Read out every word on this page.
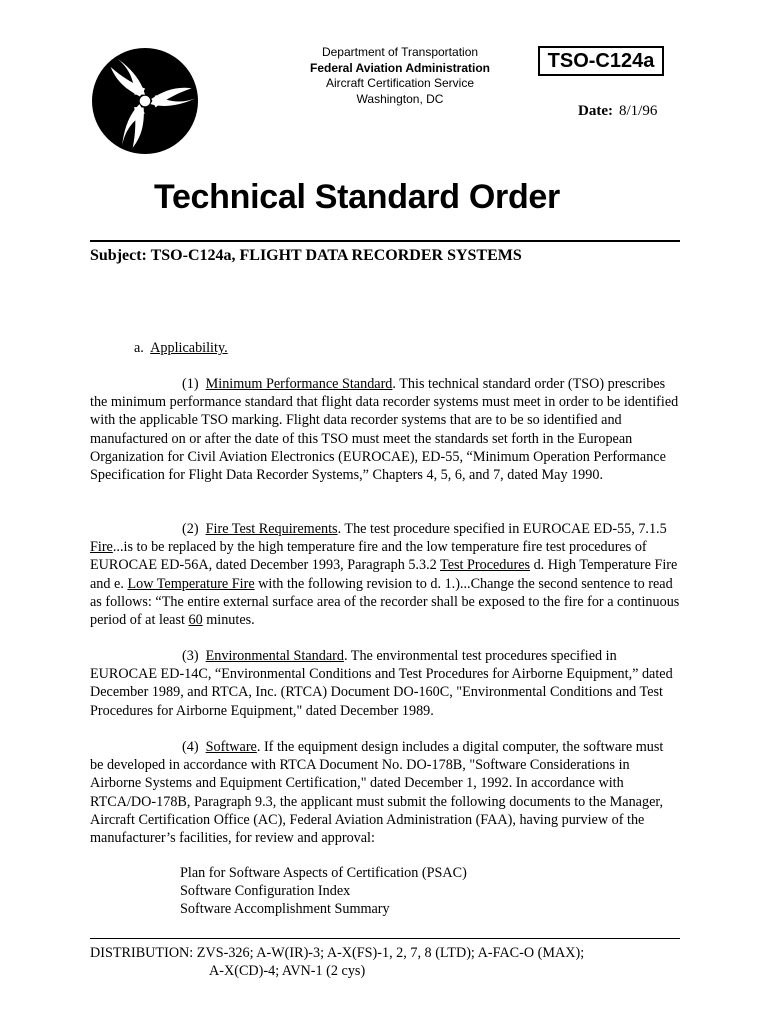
Department of Transportation
Federal Aviation Administration
Aircraft Certification Service
Washington, DC
TSO-C124a
Date: 8/1/96
Technical Standard Order
Subject: TSO-C124a, FLIGHT DATA RECORDER SYSTEMS
a. Applicability.
(1) Minimum Performance Standard. This technical standard order (TSO) prescribes the minimum performance standard that flight data recorder systems must meet in order to be identified with the applicable TSO marking. Flight data recorder systems that are to be so identified and manufactured on or after the date of this TSO must meet the standards set forth in the European Organization for Civil Aviation Electronics (EUROCAE), ED-55, “Minimum Operation Performance Specification for Flight Data Recorder Systems,” Chapters 4, 5, 6, and 7, dated May 1990.
(2) Fire Test Requirements. The test procedure specified in EUROCAE ED-55, 7.1.5 Fire...is to be replaced by the high temperature fire and the low temperature fire test procedures of EUROCAE ED-56A, dated December 1993, Paragraph 5.3.2 Test Procedures d. High Temperature Fire and e. Low Temperature Fire with the following revision to d. 1.)...Change the second sentence to read as follows: “The entire external surface area of the recorder shall be exposed to the fire for a continuous period of at least 60 minutes.
(3) Environmental Standard. The environmental test procedures specified in EUROCAE ED-14C, “Environmental Conditions and Test Procedures for Airborne Equipment,” dated December 1989, and RTCA, Inc. (RTCA) Document DO-160C, "Environmental Conditions and Test Procedures for Airborne Equipment," dated December 1989.
(4) Software. If the equipment design includes a digital computer, the software must be developed in accordance with RTCA Document No. DO-178B, "Software Considerations in Airborne Systems and Equipment Certification," dated December 1, 1992. In accordance with RTCA/DO-178B, Paragraph 9.3, the applicant must submit the following documents to the Manager, Aircraft Certification Office (AC), Federal Aviation Administration (FAA), having purview of the manufacturer’s facilities, for review and approval:
Plan for Software Aspects of Certification (PSAC)
Software Configuration Index
Software Accomplishment Summary
DISTRIBUTION: ZVS-326; A-W(IR)-3; A-X(FS)-1, 2, 7, 8 (LTD); A-FAC-O (MAX);
A-X(CD)-4; AVN-1 (2 cys)
